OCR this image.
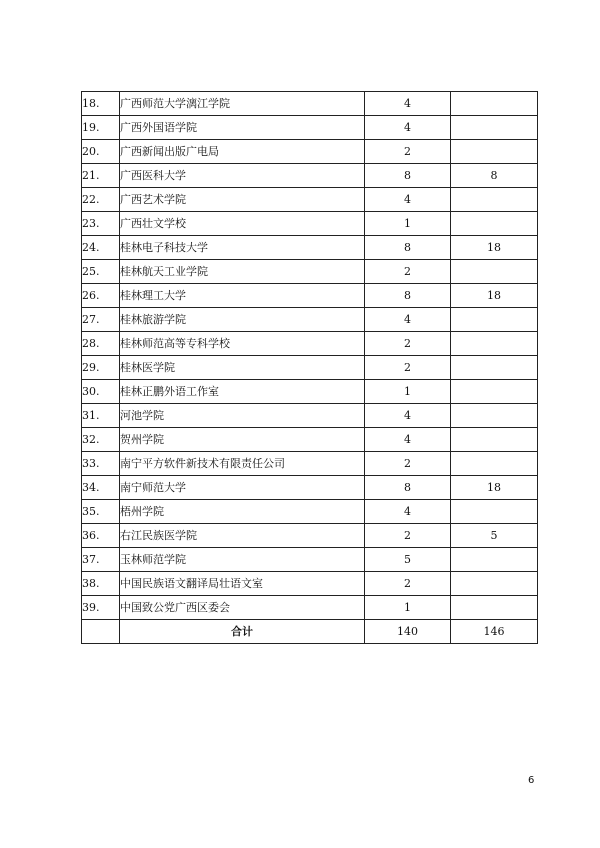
18.	广西师范大学漓江学院	4	
19.	广西外国语学院	4	
20.	广西新闻出版广电局	2	
21.	广西医科大学	8	8
22.	广西艺术学院	4	
23.	广西壮文学校	1	
24.	桂林电子科技大学	8	18
25.	桂林航天工业学院	2	
26.	桂林理工大学	8	18
27.	桂林旅游学院	4	
28.	桂林师范高等专科学校	2	
29.	桂林医学院	2	
30.	桂林正鹏外语工作室	1	
31.	河池学院	4	
32.	贺州学院	4	
33.	南宁平方软件新技术有限责任公司	2	
34.	南宁师范大学	8	18
35.	梧州学院	4	
36.	右江民族医学院	2	5
37.	玉林师范学院	5	
38.	中国民族语文翻译局壮语文室	2	
39.	中国致公党广西区委会	1	
	合计	140	146
6
